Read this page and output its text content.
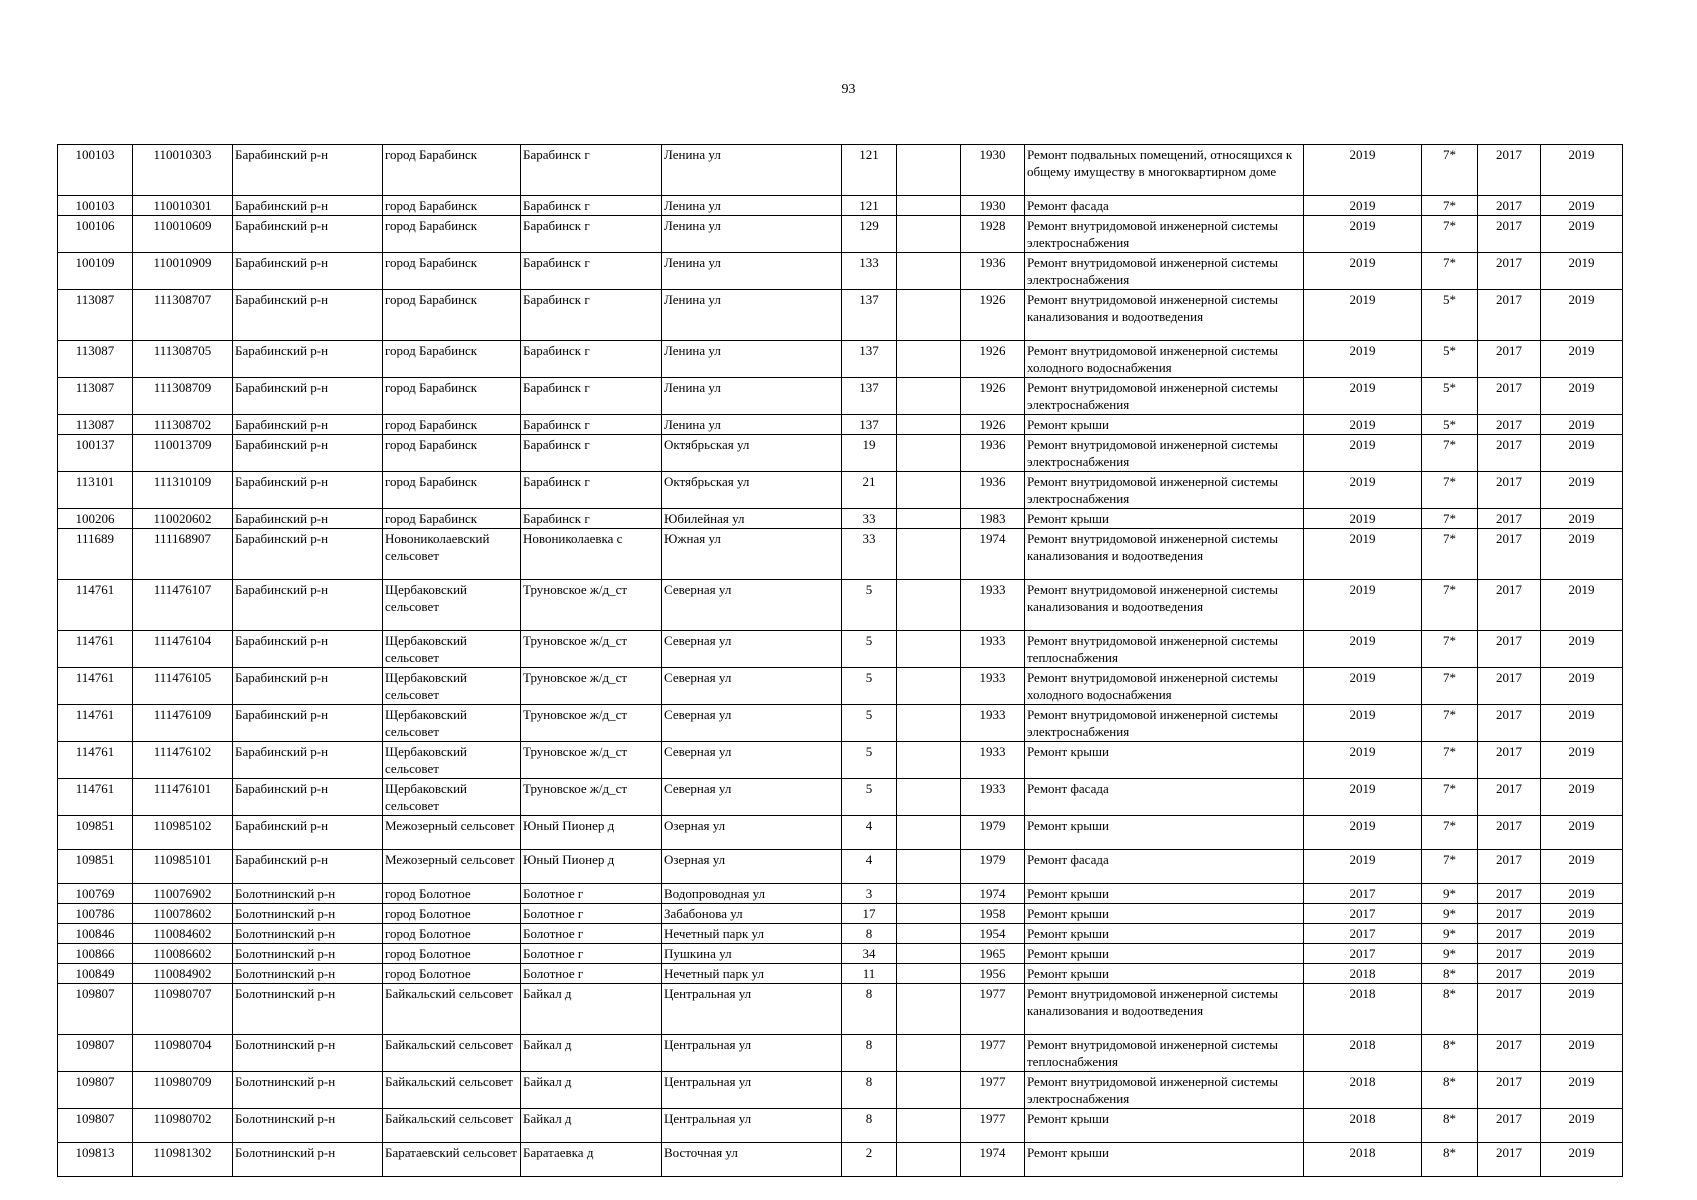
93
100103	110010303	Барабинский р-н	город Барабинск	Барабинск г	Ленина ул	121		1930	Ремонт подвальных помещений, относящихся к общему имуществу в многоквартирном доме	2019	7*	2017	2019
100103	110010301	Барабинский р-н	город Барабинск	Барабинск г	Ленина ул	121		1930	Ремонт фасада	2019	7*	2017	2019
100106	110010609	Барабинский р-н	город Барабинск	Барабинск г	Ленина ул	129		1928	Ремонт внутридомовой инженерной системы электроснабжения	2019	7*	2017	2019
100109	110010909	Барабинский р-н	город Барабинск	Барабинск г	Ленина ул	133		1936	Ремонт внутридомовой инженерной системы электроснабжения	2019	7*	2017	2019
113087	111308707	Барабинский р-н	город Барабинск	Барабинск г	Ленина ул	137		1926	Ремонт внутридомовой инженерной системы канализования и водоотведения	2019	5*	2017	2019
113087	111308705	Барабинский р-н	город Барабинск	Барабинск г	Ленина ул	137		1926	Ремонт внутридомовой инженерной системы холодного водоснабжения	2019	5*	2017	2019
113087	111308709	Барабинский р-н	город Барабинск	Барабинск г	Ленина ул	137		1926	Ремонт внутридомовой инженерной системы электроснабжения	2019	5*	2017	2019
113087	111308702	Барабинский р-н	город Барабинск	Барабинск г	Ленина ул	137		1926	Ремонт крыши	2019	5*	2017	2019
100137	110013709	Барабинский р-н	город Барабинск	Барабинск г	Октябрьская ул	19		1936	Ремонт внутридомовой инженерной системы электроснабжения	2019	7*	2017	2019
113101	111310109	Барабинский р-н	город Барабинск	Барабинск г	Октябрьская ул	21		1936	Ремонт внутридомовой инженерной системы электроснабжения	2019	7*	2017	2019
100206	110020602	Барабинский р-н	город Барабинск	Барабинск г	Юбилейная ул	33		1983	Ремонт крыши	2019	7*	2017	2019
111689	111168907	Барабинский р-н	Новониколаевский сельсовет	Новониколаевка с	Южная ул	33		1974	Ремонт внутридомовой инженерной системы канализования и водоотведения	2019	7*	2017	2019
114761	111476107	Барабинский р-н	Щербаковский сельсовет	Труновское ж/д_ст	Северная ул	5		1933	Ремонт внутридомовой инженерной системы канализования и водоотведения	2019	7*	2017	2019
114761	111476104	Барабинский р-н	Щербаковский сельсовет	Труновское ж/д_ст	Северная ул	5		1933	Ремонт внутридомовой инженерной системы теплоснабжения	2019	7*	2017	2019
114761	111476105	Барабинский р-н	Щербаковский сельсовет	Труновское ж/д_ст	Северная ул	5		1933	Ремонт внутридомовой инженерной системы холодного водоснабжения	2019	7*	2017	2019
114761	111476109	Барабинский р-н	Щербаковский сельсовет	Труновское ж/д_ст	Северная ул	5		1933	Ремонт внутридомовой инженерной системы электроснабжения	2019	7*	2017	2019
114761	111476102	Барабинский р-н	Щербаковский сельсовет	Труновское ж/д_ст	Северная ул	5		1933	Ремонт крыши	2019	7*	2017	2019
114761	111476101	Барабинский р-н	Щербаковский сельсовет	Труновское ж/д_ст	Северная ул	5		1933	Ремонт фасада	2019	7*	2017	2019
109851	110985102	Барабинский р-н	Межозерный сельсовет	Юный Пионер д	Озерная ул	4		1979	Ремонт крыши	2019	7*	2017	2019
109851	110985101	Барабинский р-н	Межозерный сельсовет	Юный Пионер д	Озерная ул	4		1979	Ремонт фасада	2019	7*	2017	2019
100769	110076902	Болотнинский р-н	город Болотное	Болотное г	Водопроводная ул	3		1974	Ремонт крыши	2017	9*	2017	2019
100786	110078602	Болотнинский р-н	город Болотное	Болотное г	Забабонова ул	17		1958	Ремонт крыши	2017	9*	2017	2019
100846	110084602	Болотнинский р-н	город Болотное	Болотное г	Нечетный парк ул	8		1954	Ремонт крыши	2017	9*	2017	2019
100866	110086602	Болотнинский р-н	город Болотное	Болотное г	Пушкина ул	34		1965	Ремонт крыши	2017	9*	2017	2019
100849	110084902	Болотнинский р-н	город Болотное	Болотное г	Нечетный парк ул	11		1956	Ремонт крыши	2018	8*	2017	2019
109807	110980707	Болотнинский р-н	Байкальский сельсовет	Байкал д	Центральная ул	8		1977	Ремонт внутридомовой инженерной системы канализования и водоотведения	2018	8*	2017	2019
109807	110980704	Болотнинский р-н	Байкальский сельсовет	Байкал д	Центральная ул	8		1977	Ремонт внутридомовой инженерной системы теплоснабжения	2018	8*	2017	2019
109807	110980709	Болотнинский р-н	Байкальский сельсовет	Байкал д	Центральная ул	8		1977	Ремонт внутридомовой инженерной системы электроснабжения	2018	8*	2017	2019
109807	110980702	Болотнинский р-н	Байкальский сельсовет	Байкал д	Центральная ул	8		1977	Ремонт крыши	2018	8*	2017	2019
109813	110981302	Болотнинский р-н	Баратаевский сельсовет	Баратаевка д	Восточная ул	2		1974	Ремонт крыши	2018	8*	2017	2019
